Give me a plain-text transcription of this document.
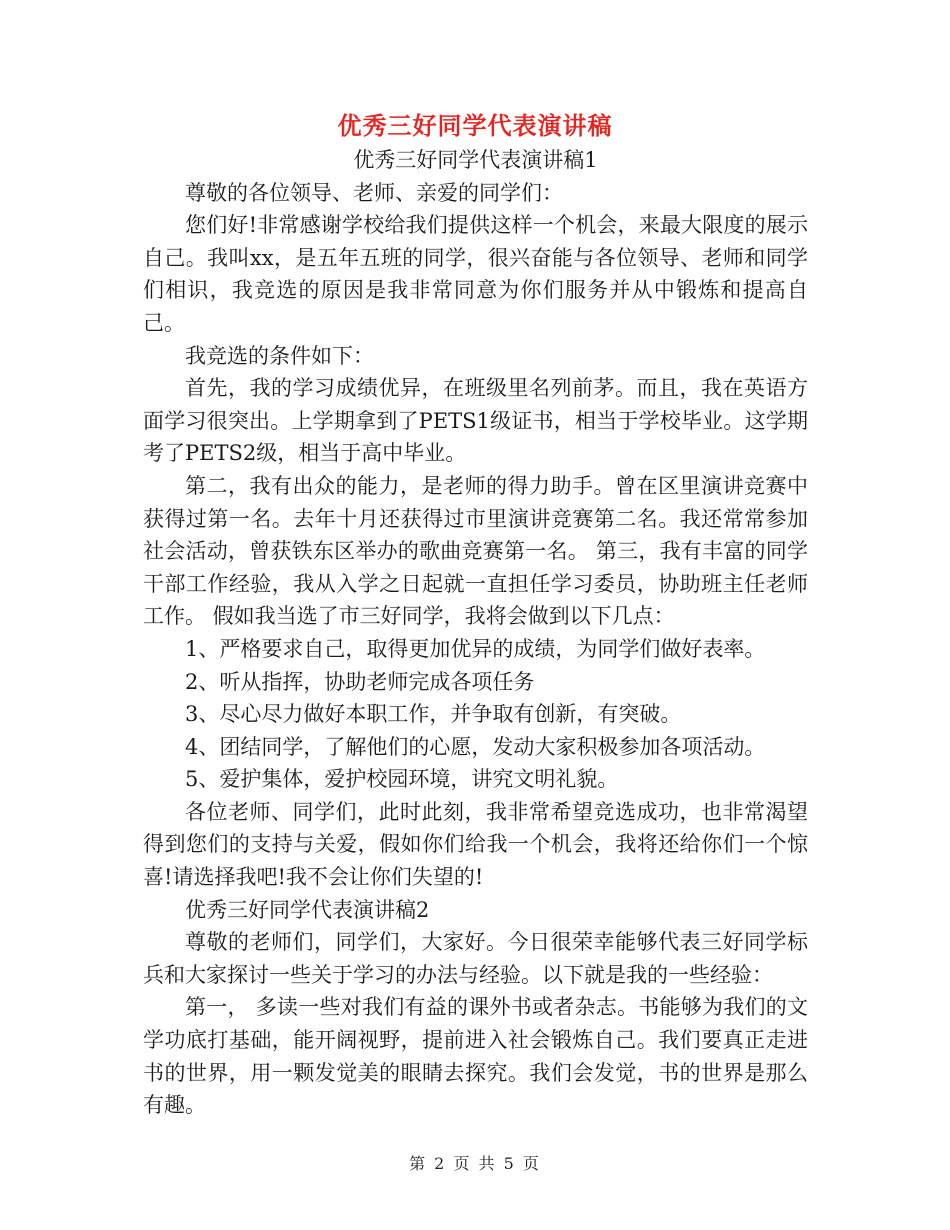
优秀三好同学代表演讲稿

优秀三好同学代表演讲稿1

尊敬的各位领导、老师、亲爱的同学们：

您们好!非常感谢学校给我们提供这样一个机会，来最大限度的展示自己。我叫xx，是五年五班的同学，很兴奋能与各位领导、老师和同学们相识，我竞选的原因是我非常同意为你们服务并从中锻炼和提高自己。

我竞选的条件如下：

首先，我的学习成绩优异，在班级里名列前茅。而且，我在英语方面学习很突出。上学期拿到了PETS1级证书，相当于学校毕业。这学期考了PETS2级，相当于高中毕业。

第二，我有出众的能力，是老师的得力助手。曾在区里演讲竞赛中获得过第一名。去年十月还获得过市里演讲竞赛第二名。我还常常参加社会活动，曾获铁东区举办的歌曲竞赛第一名。 第三，我有丰富的同学干部工作经验，我从入学之日起就一直担任学习委员，协助班主任老师工作。 假如我当选了市三好同学，我将会做到以下几点：

1、严格要求自己，取得更加优异的成绩，为同学们做好表率。

2、听从指挥，协助老师完成各项任务

3、尽心尽力做好本职工作，并争取有创新，有突破。

4、团结同学，了解他们的心愿，发动大家积极参加各项活动。

5、爱护集体，爱护校园环境，讲究文明礼貌。

各位老师、同学们，此时此刻，我非常希望竞选成功，也非常渴望得到您们的支持与关爱，假如你们给我一个机会，我将还给你们一个惊喜!请选择我吧!我不会让你们失望的!

优秀三好同学代表演讲稿2

尊敬的老师们，同学们，大家好。今日很荣幸能够代表三好同学标兵和大家探讨一些关于学习的办法与经验。以下就是我的一些经验：

第一， 多读一些对我们有益的课外书或者杂志。书能够为我们的文学功底打基础，能开阔视野，提前进入社会锻炼自己。我们要真正走进书的世界，用一颗发觉美的眼睛去探究。我们会发觉，书的世界是那么有趣。

第 2 页 共 5 页
